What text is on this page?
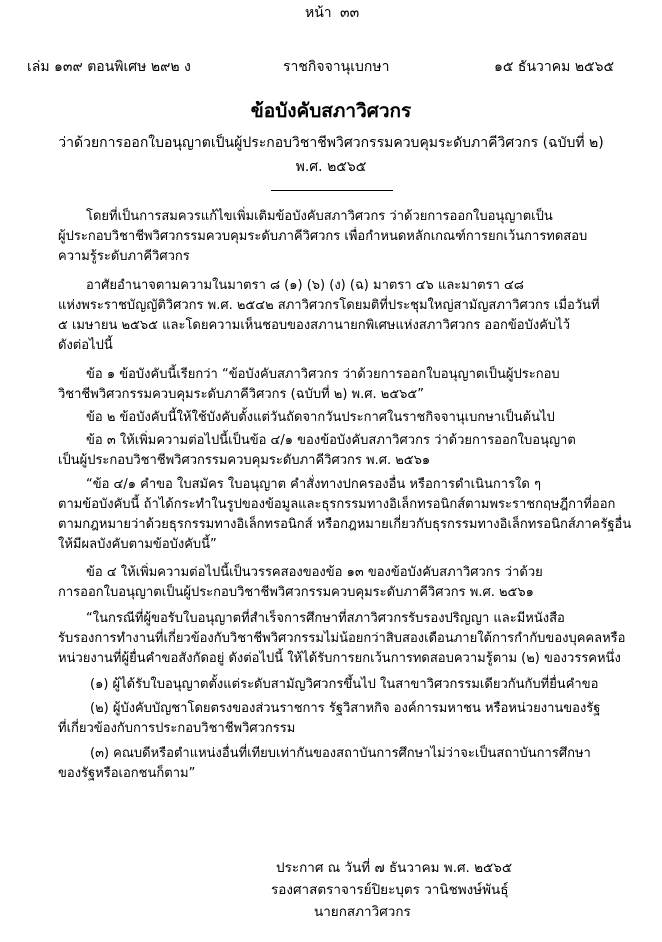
หน้า ๓๓
เล่ม ๑๓๙ ตอนพิเศษ ๒๙๒ ง	ราชกิจจานุเบกษา	๑๕ ธันวาคม ๒๕๖๕
ข้อบังคับสภาวิศวกร
ว่าด้วยการออกใบอนุญาตเป็นผู้ประกอบวิชาชีพวิศวกรรมควบคุมระดับภาคีวิศวกร (ฉบับที่ ๒)
พ.ศ. ๒๕๖๕
โดยที่เป็นการสมควรแก้ไขเพิ่มเติมข้อบังคับสภาวิศวกร ว่าด้วยการออกใบอนุญาตเป็น
ผู้ประกอบวิชาชีพวิศวกรรมควบคุมระดับภาคีวิศวกร เพื่อกำหนดหลักเกณฑ์การยกเว้นการทดสอบ
ความรู้ระดับภาคีวิศวกร
อาศัยอำนาจตามความในมาตรา ๘ (๑) (๖) (ง) (ฉ) มาตรา ๔๖ และมาตรา ๔๘
แห่งพระราชบัญญัติวิศวกร พ.ศ. ๒๕๔๒ สภาวิศวกรโดยมติที่ประชุมใหญ่สามัญสภาวิศวกร เมื่อวันที่
๕ เมษายน ๒๕๖๕ และโดยความเห็นชอบของสภานายกพิเศษแห่งสภาวิศวกร ออกข้อบังคับไว้
ดังต่อไปนี้
ข้อ ๑ ข้อบังคับนี้เรียกว่า “ข้อบังคับสภาวิศวกร ว่าด้วยการออกใบอนุญาตเป็นผู้ประกอบ
วิชาชีพวิศวกรรมควบคุมระดับภาคีวิศวกร (ฉบับที่ ๒) พ.ศ. ๒๕๖๕”
ข้อ ๒ ข้อบังคับนี้ให้ใช้บังคับตั้งแต่วันถัดจากวันประกาศในราชกิจจานุเบกษาเป็นต้นไป
ข้อ ๓ ให้เพิ่มความต่อไปนี้เป็นข้อ ๔/๑ ของข้อบังคับสภาวิศวกร ว่าด้วยการออกใบอนุญาต
เป็นผู้ประกอบวิชาชีพวิศวกรรมควบคุมระดับภาคีวิศวกร พ.ศ. ๒๕๖๑
“ข้อ ๔/๑ คำขอ ใบสมัคร ใบอนุญาต คำสั่งทางปกครองอื่น หรือการดำเนินการใด ๆ
ตามข้อบังคับนี้ ถ้าได้กระทำในรูปของข้อมูลและธุรกรรมทางอิเล็กทรอนิกส์ตามพระราชกฤษฎีกาที่ออก
ตามกฎหมายว่าด้วยธุรกรรมทางอิเล็กทรอนิกส์ หรือกฎหมายเกี่ยวกับธุรกรรมทางอิเล็กทรอนิกส์ภาครัฐอื่น
ให้มีผลบังคับตามข้อบังคับนี้”
ข้อ ๔ ให้เพิ่มความต่อไปนี้เป็นวรรคสองของข้อ ๑๓ ของข้อบังคับสภาวิศวกร ว่าด้วย
การออกใบอนุญาตเป็นผู้ประกอบวิชาชีพวิศวกรรมควบคุมระดับภาคีวิศวกร พ.ศ. ๒๕๖๑
“ในกรณีที่ผู้ขอรับใบอนุญาตที่สำเร็จการศึกษาที่สภาวิศวกรรับรองปริญญา และมีหนังสือ
รับรองการทำงานที่เกี่ยวข้องกับวิชาชีพวิศวกรรมไม่น้อยกว่าสิบสองเดือนภายใต้การกำกับของบุคคลหรือ
หน่วยงานที่ผู้ยื่นคำขอสังกัดอยู่ ดังต่อไปนี้ ให้ได้รับการยกเว้นการทดสอบความรู้ตาม (๒) ของวรรคหนึ่ง
(๑) ผู้ได้รับใบอนุญาตตั้งแต่ระดับสามัญวิศวกรขึ้นไป ในสาขาวิศวกรรมเดียวกันกับที่ยื่นคำขอ
(๒) ผู้บังคับบัญชาโดยตรงของส่วนราชการ รัฐวิสาหกิจ องค์การมหาชน หรือหน่วยงานของรัฐ
ที่เกี่ยวข้องกับการประกอบวิชาชีพวิศวกรรม
(๓) คณบดีหรือตำแหน่งอื่นที่เทียบเท่ากันของสถาบันการศึกษาไม่ว่าจะเป็นสถาบันการศึกษา
ของรัฐหรือเอกชนก็ตาม”
ประกาศ ณ วันที่ ๗ ธันวาคม พ.ศ. ๒๕๖๕
รองศาสตราจารย์ปิยะบุตร วานิชพงษ์พันธุ์
นายกสภาวิศวกร
